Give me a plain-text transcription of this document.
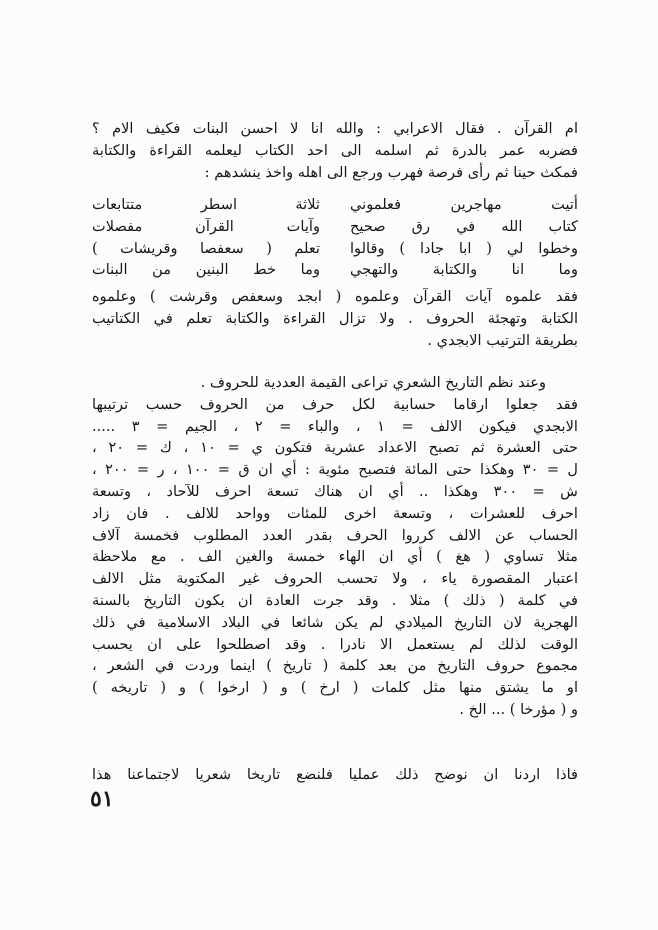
ام القرآن . فقال الاعرابي : والله انا لا احسن البنات فكيف الام ؟
فضربه عمر بالدرة ثم اسلمه الى احد الكتاب ليعلمه القراءة والكتابة
فمكث حينا ثم رأى فرصة فهرب ورجع الى اهله واخذ ينشدهم :
أتيت مهاجرين فعلموني
ثلاثة اسطر متتابعات
كتاب الله في رق صحيح
وآيات القرآن مفصلات
وخطوا لي ( ابا جادا ) وقالوا
تعلم ( سعفصا وقريشات )
وما انا والكتابة والتهجي
وما خط البنين من البنات
فقد علموه آيات القرآن وعلموه ( ابجد وسعفص وقرشت ) وعلموه
الكتابة وتهجئة الحروف . ولا تزال القراءة والكتابة تعلم في الكتاتيب
بطريقة الترتيب الابجدي .
وعند نظم التاريخ الشعري تراعى القيمة العددية للحروف .
فقد جعلوا ارقاما حسابية لكل حرف من الحروف حسب ترتيبها
الابجدي فيكون الالف = ١ ، والباء = ٢ ، الجيم = ٣ .....
حتى العشرة ثم تصبح الاعداد عشرية فتكون ي = ١٠ ، ك = ٢٠ ،
ل = ٣٠ وهكذا حتى المائة فتصبح مئوية : أي ان ق = ١٠٠ ، ر = ٢٠٠ ،
ش = ٣٠٠ وهكذا .. أي ان هناك تسعة احرف للآحاد ، وتسعة
احرف للعشرات ، وتسعة اخرى للمئات وواحد للالف . فان زاد
الحساب عن الالف كرروا الحرف بقدر العدد المطلوب فخمسة آلاف
مثلا تساوي ( هغ ) أي ان الهاء خمسة والغين الف . مع ملاحظة
اعتبار المقصورة ياء ، ولا تحسب الحروف غير المكتوبة مثل الالف
في كلمة ( ذلك ) مثلا . وقد جرت العادة ان يكون التاريخ بالسنة
الهجرية لان التاريخ الميلادي لم يكن شائعا في البلاد الاسلامية في ذلك
الوقت لذلك لم يستعمل الا نادرا . وقد اصطلحوا على ان يحسب
مجموع حروف التاريخ من بعد كلمة ( تاريخ ) اينما وردت في الشعر ،
او ما يشتق منها مثل كلمات ( ارخ ) و ( ارخوا ) و ( تاريخه )
و ( مؤرخا ) ... الخ .
فاذا اردنا ان نوضح ذلك عمليا فلنضع تاريخا شعريا لاجتماعنا هذا
٥١
